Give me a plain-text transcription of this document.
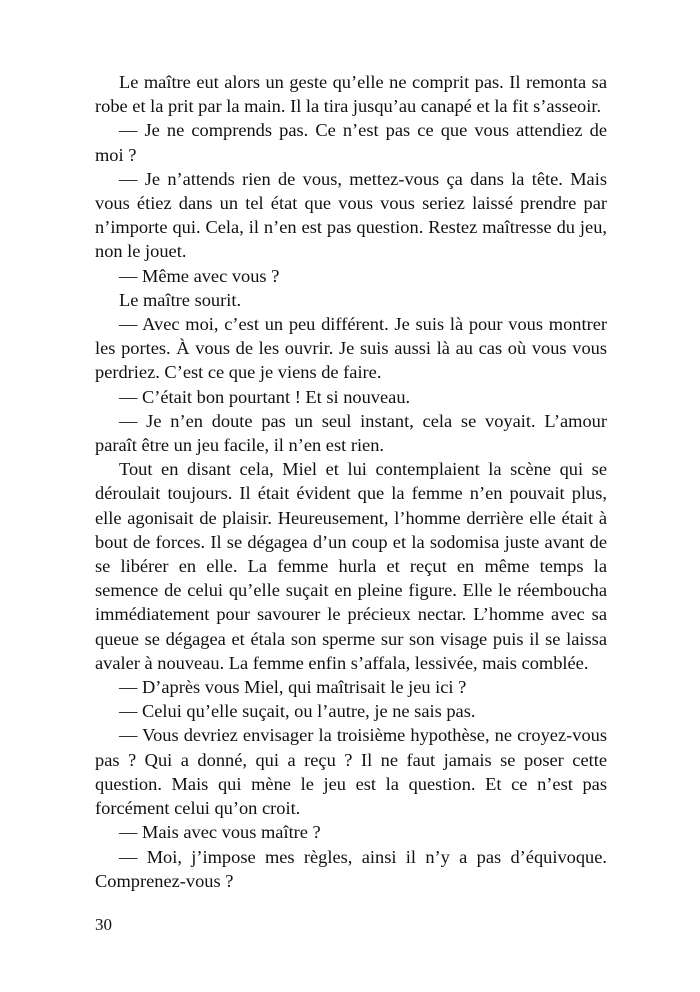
Le maître eut alors un geste qu’elle ne comprit pas. Il remonta sa robe et la prit par la main. Il la tira jusqu’au canapé et la fit s’asseoir.

— Je ne comprends pas. Ce n’est pas ce que vous attendiez de moi ?

— Je n’attends rien de vous, mettez-vous ça dans la tête. Mais vous étiez dans un tel état que vous vous seriez laissé prendre par n’importe qui. Cela, il n’en est pas question. Restez maîtresse du jeu, non le jouet.

— Même avec vous ?

Le maître sourit.

— Avec moi, c’est un peu différent. Je suis là pour vous montrer les portes. À vous de les ouvrir. Je suis aussi là au cas où vous vous perdriez. C’est ce que je viens de faire.

— C’était bon pourtant ! Et si nouveau.

— Je n’en doute pas un seul instant, cela se voyait. L’amour paraît être un jeu facile, il n’en est rien.

Tout en disant cela, Miel et lui contemplaient la scène qui se déroulait toujours. Il était évident que la femme n’en pouvait plus, elle agonisait de plaisir. Heureusement, l’homme derrière elle était à bout de forces. Il se dégagea d’un coup et la sodomisa juste avant de se libérer en elle. La femme hurla et reçut en même temps la semence de celui qu’elle suçait en pleine figure. Elle le réemboucha immédiatement pour savourer le précieux nectar. L’homme avec sa queue se dégagea et étala son sperme sur son visage puis il se laissa avaler à nouveau. La femme enfin s’affala, lessivée, mais comblée.

— D’après vous Miel, qui maîtrisait le jeu ici ?

— Celui qu’elle suçait, ou l’autre, je ne sais pas.

— Vous devriez envisager la troisième hypothèse, ne croyez-vous pas ? Qui a donné, qui a reçu ? Il ne faut jamais se poser cette question. Mais qui mène le jeu est la question. Et ce n’est pas forcément celui qu’on croit.

— Mais avec vous maître ?

— Moi, j’impose mes règles, ainsi il n’y a pas d’équivoque. Comprenez-vous ?

30
